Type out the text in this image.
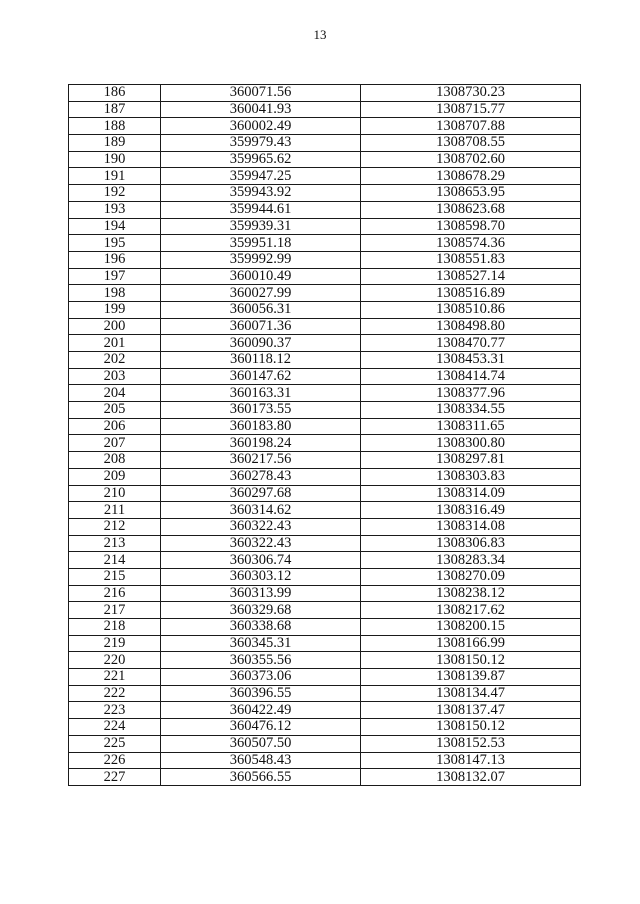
13
186	360071.56	1308730.23
187	360041.93	1308715.77
188	360002.49	1308707.88
189	359979.43	1308708.55
190	359965.62	1308702.60
191	359947.25	1308678.29
192	359943.92	1308653.95
193	359944.61	1308623.68
194	359939.31	1308598.70
195	359951.18	1308574.36
196	359992.99	1308551.83
197	360010.49	1308527.14
198	360027.99	1308516.89
199	360056.31	1308510.86
200	360071.36	1308498.80
201	360090.37	1308470.77
202	360118.12	1308453.31
203	360147.62	1308414.74
204	360163.31	1308377.96
205	360173.55	1308334.55
206	360183.80	1308311.65
207	360198.24	1308300.80
208	360217.56	1308297.81
209	360278.43	1308303.83
210	360297.68	1308314.09
211	360314.62	1308316.49
212	360322.43	1308314.08
213	360322.43	1308306.83
214	360306.74	1308283.34
215	360303.12	1308270.09
216	360313.99	1308238.12
217	360329.68	1308217.62
218	360338.68	1308200.15
219	360345.31	1308166.99
220	360355.56	1308150.12
221	360373.06	1308139.87
222	360396.55	1308134.47
223	360422.49	1308137.47
224	360476.12	1308150.12
225	360507.50	1308152.53
226	360548.43	1308147.13
227	360566.55	1308132.07
